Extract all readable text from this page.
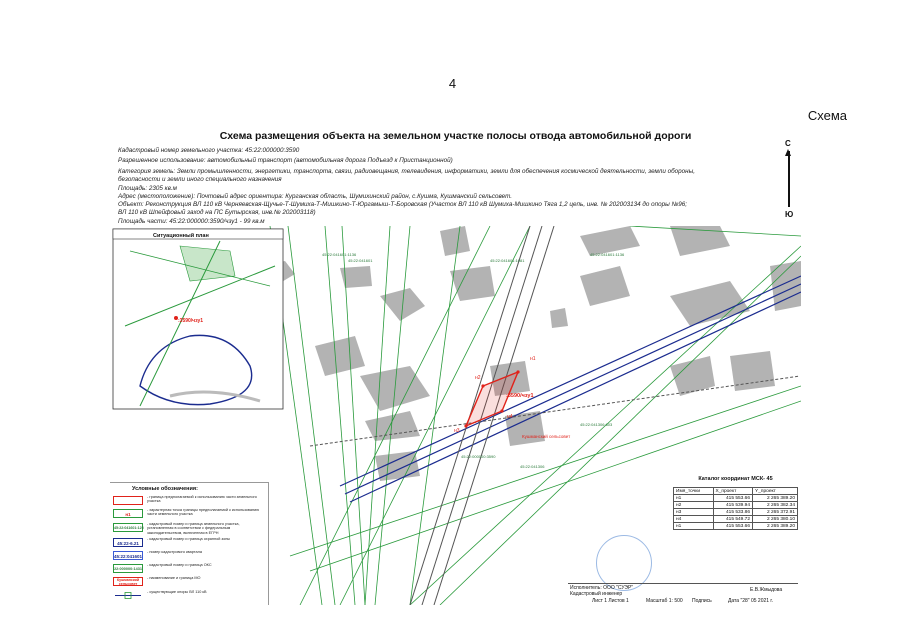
4
Схема
Схема размещения объекта на земельном участке полосы отвода автомобильной дороги
Кадастровый номер земельного участка: 45:22:000000:3590
Разрешенное использование: автомобильный транспорт (автомобильная дорога Подъезд к Пристанционной)
Категория земель: Земли промышленности, энергетики, транспорта, связи, радиовещания, телевидения, информатики, земли для обеспечения космической деятельности, земли обороны,
безопасности и земли иного специального назначения
Площадь: 2305 кв.м
Адрес (местоположение): Почтовый адрес ориентира: Курганская область, Шумихинский район, с.Кушма, Кушманский сельсовет.
Объект: Реконструкция ВЛ 110 кВ Черняевская-Щучье-Т-Шумиха-Т-Мишкино-Т-Юргамыш-Т-Боровская (Участок ВЛ 110 кВ Шумиха-Мишкино Тяга 1,2 цепь, инв. № 202003134 до опоры №96;
ВЛ 110 кВ Шпейфовый заход на ПС Бутырская, инв.№ 202003118)
Площадь части: 45:22:000000:3590/чзу1 - 99 кв.м
С
Ю
н1
н2
н3
н4
:3590/чзу1
Кушманский сельсовет
45:22:041601:1136
45:22:041601	45:22:041601:1081
45:22:041601:1136
45:22:041306:603
45:22:000000:3590
45:22:041306
Ситуационный план
:3590/чзу1
Условные обозначения:
- граница предполагаемой к использованию части земельного участка
н1
- характерная точка границы предполагаемой к использованию части земельного участка
45:22:041601:125
- кадастровый номер и граница земельного участка, установленная в соответствии с федеральным законодательством, включенная в ЕГРН
45:22-6.21
- кадастровый номер и граница охранной зоны
45:22:041601
- номер кадастрового квартала
22:000000:1431
- кадастровый номер и граница ОКС
Кушманский сельсовет
- наименование и граница МО
- существующие опоры ВЛ 110 кВ
Каталог координат МСК- 45
Имя_точки	X_проект	Y_проект
н1	415 553.66	2 265 389.20
н2	415 539.94	2 265 382.34
н3	415 533.86	2 265 372.91
н4	415 549.72	2 265 380.10
н1	415 553.66	2 265 389.20
Исполнитель: ООО "СУЭР"
Кадастровый инженер
Лист 1 Листов 1	Масштаб 1: 500 Подпись
Е.В.Жмыдова
Дата "28" 05 2021 г.
